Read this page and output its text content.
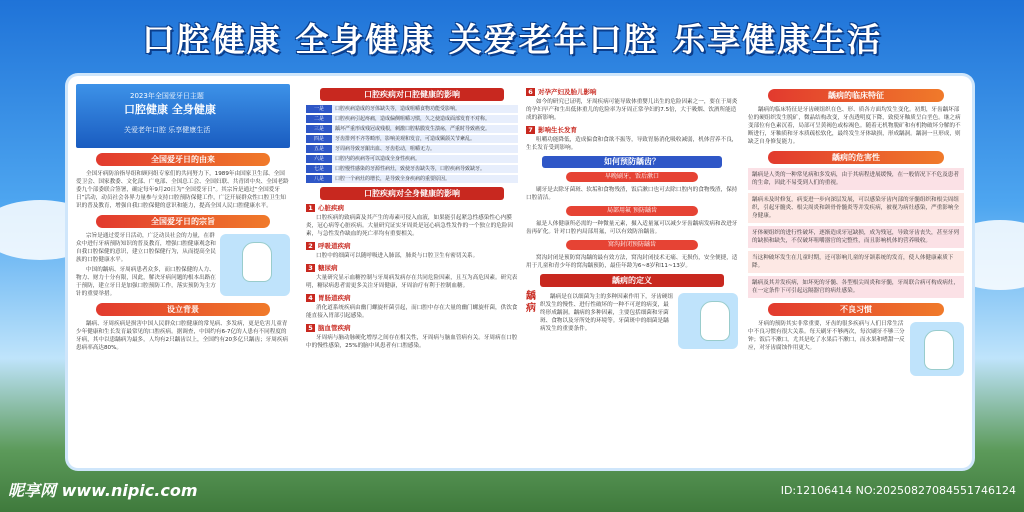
口腔健康 全身健康 关爱老年口腔 乐享健康生活
2023年全国爱牙日主题
口腔健康 全身健康
关爱老年口腔 乐享健康生活
全国爱牙日的由来
全国牙病防治指导组和顾问组专家们的共同努力下，1989年由国家卫生部、全国爱卫会、国家教委、文化部、广电部、全国总工会、全国妇联、共青团中央、全国老龄委九个部委联合签署，确定每年9月20日为“全国爱牙日”。其宗旨是通过“全国爱牙日”活动，动员社会各界力量参与支持口腔预防保健工作，广泛开展群众性口腔卫生知识的普及教育，增强自我口腔保健的意识和能力，提高全国人民口腔健康水平。
全国爱牙日的宗旨
宗旨是通过爱牙日活动，广泛动员社会的力量，在群众中进行牙病预防知识的普及教育，增强口腔健康观念和自我口腔保健的意识，建立口腔保健行为，从而提高全民族的口腔健康水平。
中国的龋病、牙周病患者众多，而口腔保健的人力、物力、财力十分有限，因此，解决牙病问题的根本出路在于预防，建立牙日是加强口腔预防工作，落实预防为主方针的重要举措。
设立背景
龋病、牙周疾病是损害中国人民群众口腔健康的常见病、多发病，更是危害儿童青少年健康和生长发育最常见的口腔疾病。据调查，中国约有6-7亿的人患有不同程度的牙病，其中以患龋病为最多，人均有2只龋齿以上，全国约有20多亿只龋齿；牙周疾病患病率高达80%。
口腔疾病对口腔健康的影响
一是	口腔疾病造成的牙体缺失等，造成咀嚼食物功能受影响。
二是	口腔疾病引起疼痛，造成偏侧咀嚼习惯，久之使造成面部发育不对称。
三是	龋坏严重形成残冠或残根，刺激口腔粘膜发生溃疡，严重时导致癌变。
四是	牙齿排列不齐等畸形，影响美观和发音，可造成颞颌关节紊乱。
五是	牙周病导致牙龈出血、牙齿松动，咀嚼无力。
六是	口腔内的疾病等可以造成全身性疾病。
七是	口腔慢性感染的牙源性病灶，致使牙齿缺失等，口腔疾病导致缺牙。
八是	口腔一个病灶的增长，是导致全身疾病的重要原因。
口腔疾病对全身健康的影响
1 心脏疾病
口腔疾病的致病菌及其产生的毒素可侵入血液，如果能引起紧急性感染性心内膜炎，冠心病等心脏疾病。大量研究证实牙周炎是冠心病急性发作的一个独立的危险因素，与急性发作缺血的死亡率均有重要相关。
2 呼吸道疾病
口腔中的细菌可以随呼吸进入肺部，肺炎与口腔卫生有密切关系。
3 糖尿病
大量研究显示血糖控制与牙周病发病存在共同危险因素，且互为高危因素。研究表明，糖尿病患者需更多关注牙周健康，牙周治疗有利于控制血糖。
4 胃肠道疾病
消化道系统疾病由幽门螺旋杆菌引起，而口腔中存在大量的幽门螺旋杆菌，供饮食能直接入胃部引起感染。
5 脑血管疾病
牙周病与脑动脉硬化增厚之间存在相关性，牙周病与脑血管病有关。牙周病在口腔中的慢性感染，25%的脑中风患者有口腔感染。
6 对孕产妇及胎儿影响
如今的研究已证明，牙周疾病可能导致体重婴儿出生的危险因素之一，要在于周炎的孕妇早产和生出低体重儿的危险率为牙周正常孕妇的7.5倍，大于吸烟、饮酒所能造成的新影响。
7 影响生长发育
咀嚼功能降低，造成偏食和食欲不振等，导致胃肠消化吸收减弱，机体营养不良，生长发育受到影响。
如何预防龋齿？
早晚刷牙，饭后漱口
刷牙是去除牙菌斑、软垢和食物残渣，饭后漱口也可去除口腔内的食物残渣，保持口腔清洁。
局部用氟 预防龋齿
氟是人体健康所必需的一种微量元素，摄入适量氟可以减少牙齿龋病发病和改进牙齿再矿化。针对口腔内局部用氟，可以有效防治龋齿。
窝沟封闭预防龋齿
窝沟封闭是预防窝沟龋的最有效方法，窝沟封闭技术无痛、无损伤，安全便捷，适用于儿童和青少年的窝沟龋预防，最佳年龄为6~8岁和11~13岁。
龋病的定义
龋病
龋病是在以细菌为主的多种因素作用下，牙齿硬组织发生的慢性、进行性破坏的一种不可逆的病变，最终形成龋洞。龋病的多种因素，主要包括细菌和牙菌斑、食物以及牙所处的环境等。牙菌斑中的细菌是龋病发生的重要条件。
龋病的临床特征
龋病的临床特征是牙齿硬组织在色、形、质各方面均发生变化。初期，牙齿龋坏部位的硬组织发生脱矿，微晶结构改变，牙齿透明度下降，致使牙釉质呈白垩色。继之病变部位有色素沉着，局部可呈黄褐色或棕褐色。随着无机物脱矿和有机物破坏分解的不断进行，牙釉质和牙本质疏松软化，最终发生牙体缺损，形成龋洞。龋洞一旦形成，则缺乏自身修复能力。
龋病的危害性
龋病是人类的一种常见病和多发病，由于其病程进展缓慢，在一般情况下不危及患者的生命，因此不易受到人们的重视。
龋病未及时修复，病变进一步向深层发展，可以感染牙齿内部的牙髓组织和根尖周组织，引起牙髓炎、根尖周炎和颌骨骨髓炎等并发疾病，被视为病灶感染，严重影响全身健康。
牙体硬组织的进行性破坏，逐渐造成牙冠缺损，成为残冠，导致牙齿丧失，甚至牙列的缺损和缺失，不仅破坏咀嚼器官的完整性，而且影响机体的营养吸收。
当这种破坏发生在儿童时期，还可影响儿童的牙颌系统的发育，使人体健康素质下降。
龋病及其并发疾病，如坏死的牙髓、各型根尖周炎和牙髓，牙周联合病可构成病灶，在一定条件下可引起远隔器官的病灶感染。
不良习惯
牙病的预防其实非常重要，牙齿的很多疾病与人们日常生活中不良习惯有很大关系。每天刷牙不够两次，每次刷牙不够三分钟；饭后不漱口，尤其是吃了水果后不漱口，而水果和嗜甜一反应，对牙齿腐蚀作用更大。
昵享网 www.nipic.com	ID:12106414 NO:20250827084551746124
